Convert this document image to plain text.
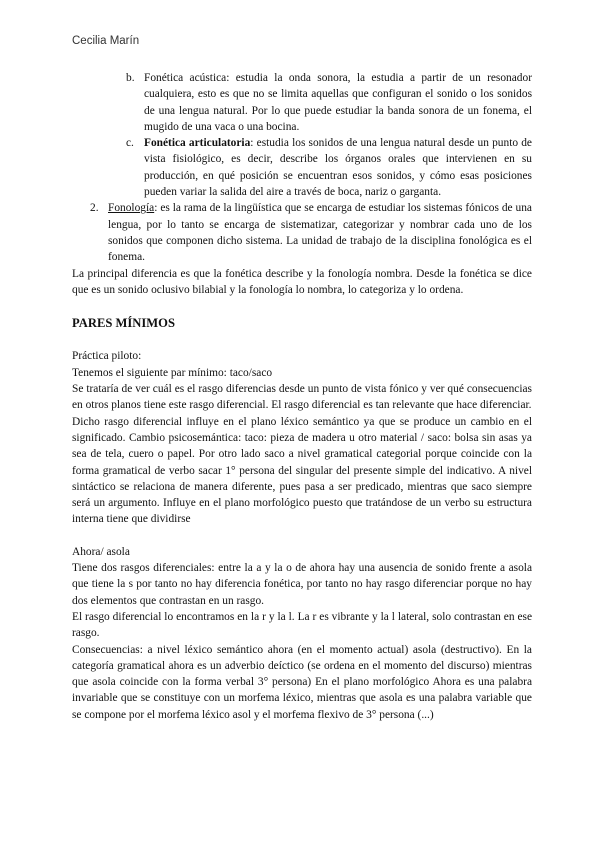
Cecilia Marín

b. Fonética acústica: estudia la onda sonora, la estudia a partir de un resonador cualquiera, esto es que no se limita aquellas que configuran el sonido o los sonidos de una lengua natural. Por lo que puede estudiar la banda sonora de un fonema, el mugido de una vaca o una bocina.

c. Fonética articulatoria: estudia los sonidos de una lengua natural desde un punto de vista fisiológico, es decir, describe los órganos orales que intervienen en su producción, en qué posición se encuentran esos sonidos, y cómo esas posiciones pueden variar la salida del aire a través de boca, nariz o garganta.

2. Fonología: es la rama de la lingüística que se encarga de estudiar los sistemas fónicos de una lengua, por lo tanto se encarga de sistematizar, categorizar y nombrar cada uno de los sonidos que componen dicho sistema. La unidad de trabajo de la disciplina fonológica es el fonema.

La principal diferencia es que la fonética describe y la fonología nombra. Desde la fonética se dice que es un sonido oclusivo bilabial y la fonología lo nombra, lo categoriza y lo ordena.

PARES MÍNIMOS

Práctica piloto:

Tenemos el siguiente par mínimo: taco/saco

Se trataría de ver cuál es el rasgo diferencias desde un punto de vista fónico y ver qué consecuencias en otros planos tiene este rasgo diferencial. El rasgo diferencial es tan relevante que hace diferenciar.

Dicho rasgo diferencial influye en el plano léxico semántico ya que se produce un cambio en el significado. Cambio psicosemántica: taco: pieza de madera u otro material / saco: bolsa sin asas ya sea de tela, cuero o papel. Por otro lado saco a nivel gramatical categorial porque coincide con la forma gramatical de verbo sacar 1° persona del singular del presente simple del indicativo. A nivel sintáctico se relaciona de manera diferente, pues pasa a ser predicado, mientras que saco siempre será un argumento. Influye en el plano morfológico puesto que tratándose de un verbo su estructura interna tiene que dividirse

Ahora/ asola

Tiene dos rasgos diferenciales: entre la a y la o de ahora hay una ausencia de sonido frente a asola que tiene la s por tanto no hay diferencia fonética, por tanto no hay rasgo diferenciar porque no hay dos elementos que contrastan en un rasgo.

El rasgo diferencial lo encontramos en la r y la l. La r es vibrante y la l lateral, solo contrastan en ese rasgo.

Consecuencias: a nivel léxico semántico ahora (en el momento actual) asola (destructivo). En la categoría gramatical ahora es un adverbio deíctico (se ordena en el momento del discurso) mientras que asola coincide con la forma verbal 3° persona) En el plano morfológico Ahora es una palabra invariable que se constituye con un morfema léxico, mientras que asola es una palabra variable que se compone por el morfema léxico asol y el morfema flexivo de 3° persona (...)
